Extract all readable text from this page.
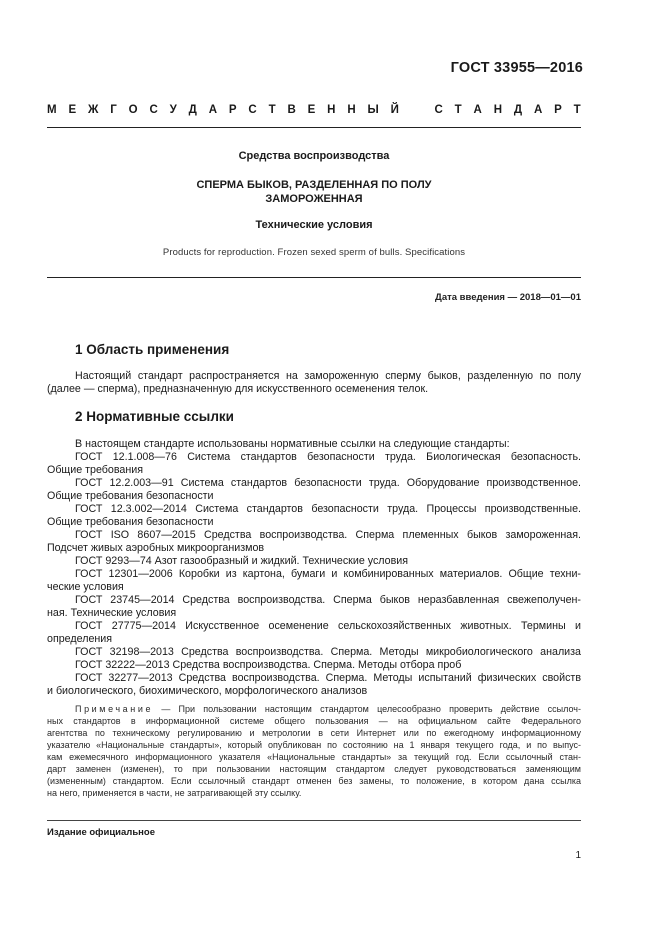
ГОСТ 33955—2016
М Е Ж Г О С У Д А Р С Т В Е Н Н Ы Й	С Т А Н Д А Р Т
Средства воспроизводства
СПЕРМА БЫКОВ, РАЗДЕЛЕННАЯ ПО ПОЛУ
ЗАМОРОЖЕННАЯ
Технические условия
Products for reproduction. Frozen sexed sperm of bulls. Specifications
Дата введения — 2018—01—01
1 Область применения
Настоящий стандарт распространяется на замороженную сперму быков, разделенную по полу (далее — сперма), предназначенную для искусственного осеменения телок.
2 Нормативные ссылки
В настоящем стандарте использованы нормативные ссылки на следующие стандарты:
ГОСТ 12.1.008—76 Система стандартов безопасности труда. Биологическая безопасность.
Общие требования
ГОСТ 12.2.003—91 Система стандартов безопасности труда. Оборудование производственное.
Общие требования безопасности
ГОСТ 12.3.002—2014 Система стандартов безопасности труда. Процессы производственные.
Общие требования безопасности
ГОСТ ISO 8607—2015 Средства воспроизводства. Сперма племенных быков замороженная.
Подсчет живых аэробных микроорганизмов
ГОСТ 9293—74 Азот газообразный и жидкий. Технические условия
ГОСТ 12301—2006 Коробки из картона, бумаги и комбинированных материалов. Общие техни-
ческие условия
ГОСТ 23745—2014 Средства воспроизводства. Сперма быков неразбавленная свежеполучен-
ная. Технические условия
ГОСТ 27775—2014 Искусственное осеменение сельскохозяйственных животных. Термины и
определения
ГОСТ 32198—2013 Средства воспроизводства. Сперма. Методы микробиологического анализа
ГОСТ 32222—2013 Средства воспроизводства. Сперма. Методы отбора проб
ГОСТ 32277—2013 Средства воспроизводства. Сперма. Методы испытаний физических свойств
и биологического, биохимического, морфологического анализов
Примечание — При пользовании настоящим стандартом целесообразно проверить действие ссылоч-
ных стандартов в информационной системе общего пользования — на официальном сайте Федерального
агентства по техническому регулированию и метрологии в сети Интернет или по ежегодному информационному
указателю «Национальные стандарты», который опубликован по состоянию на 1 января текущего года, и по выпус-
кам ежемесячного информационного указателя «Национальные стандарты» за текущий год. Если ссылочный стан-
дарт заменен (изменен), то при пользовании настоящим стандартом следует руководствоваться заменяющим
(измененным) стандартом. Если ссылочный стандарт отменен без замены, то положение, в котором дана ссылка
на него, применяется в части, не затрагивающей эту ссылку.
Издание официальное
1
